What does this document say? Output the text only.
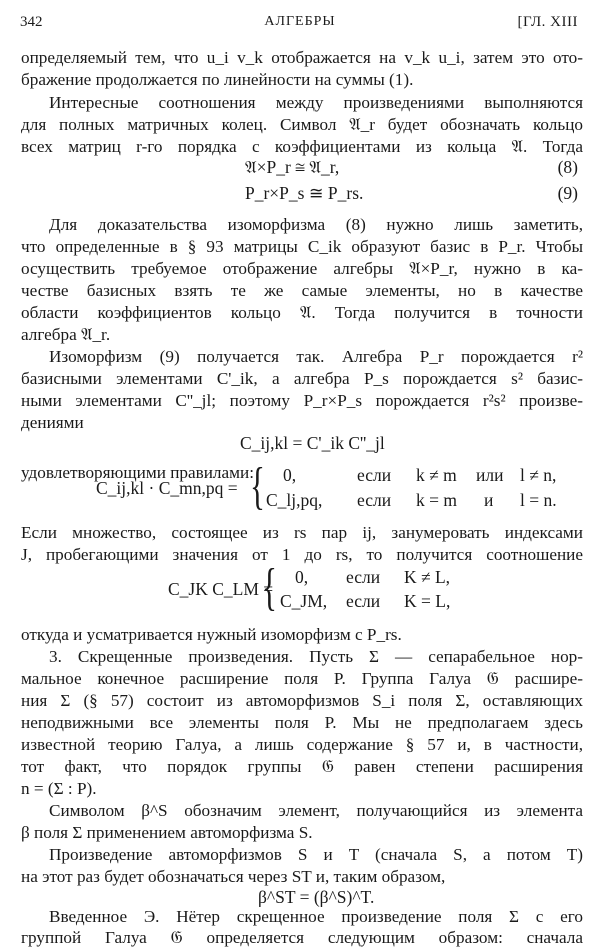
342	АЛГЕБРЫ	[ГЛ. XIII
определяемый тем, что u_i v_k отображается на v_k u_i, затем это ото-
бражение продолжается по линейности на суммы (1).
Интересные соотношения между произведениями выполняются
для полных матричных колец. Символ 𝔄_r будет обозначать кольцо
всех матриц r-го порядка с коэффициентами из кольца 𝔄. Тогда
𝔄×P_r ≅ 𝔄_r,	(8)
P_r×P_s ≅ P_rs.	(9)
Для доказательства изоморфизма (8) нужно лишь заметить,
что определенные в § 93 матрицы C_ik образуют базис в P_r. Чтобы
осуществить требуемое отображение алгебры 𝔄×P_r, нужно в ка-
честве базисных взять те же самые элементы, но в качестве
области коэффициентов кольцо 𝔄. Тогда получится в точности
алгебра 𝔄_r.
Изоморфизм (9) получается так. Алгебра P_r порождается r²
базисными элементами C'_ik, а алгебра P_s порождается s² базис-
ными элементами C''_jl; поэтому P_r×P_s порождается r²s² произве-
дениями
C_ij,kl = C'_ik C''_jl
удовлетворяющими правилами:
C_ij,kl · C_mn,pq = { 0,	если k ≠ m или l ≠ n,
C_lj,pq, если k = m и l = n.
Если множество, состоящее из rs пар ij, занумеровать индексами
J, пробегающими значения от 1 до rs, то получится соотношение
C_JK C_LM =
{ 0, если K ≠ L,
C_JM, если K = L,
откуда и усматривается нужный изоморфизм с P_rs.
3. Скрещенные произведения. Пусть Σ — сепарабельное нор-
мальное конечное расширение поля P. Группа Галуа 𝔊 расшире-
ния Σ (§ 57) состоит из автоморфизмов S_i поля Σ, оставляющих
неподвижными все элементы поля P. Мы не предполагаем здесь
известной теорию Галуа, а лишь содержание § 57 и, в частности,
тот факт, что порядок группы 𝔊 равен степени расширения
n = (Σ : P).
Символом β^S обозначим элемент, получающийся из элемента
β поля Σ применением автоморфизма S.
Произведение автоморфизмов S и T (сначала S, а потом T)
на этот раз будет обозначаться через ST и, таким образом,
β^ST = (β^S)^T.
Введенное Э. Нётер скрещенное произведение поля Σ с его
группой Галуа 𝔊 определяется следующим образом: сначала
